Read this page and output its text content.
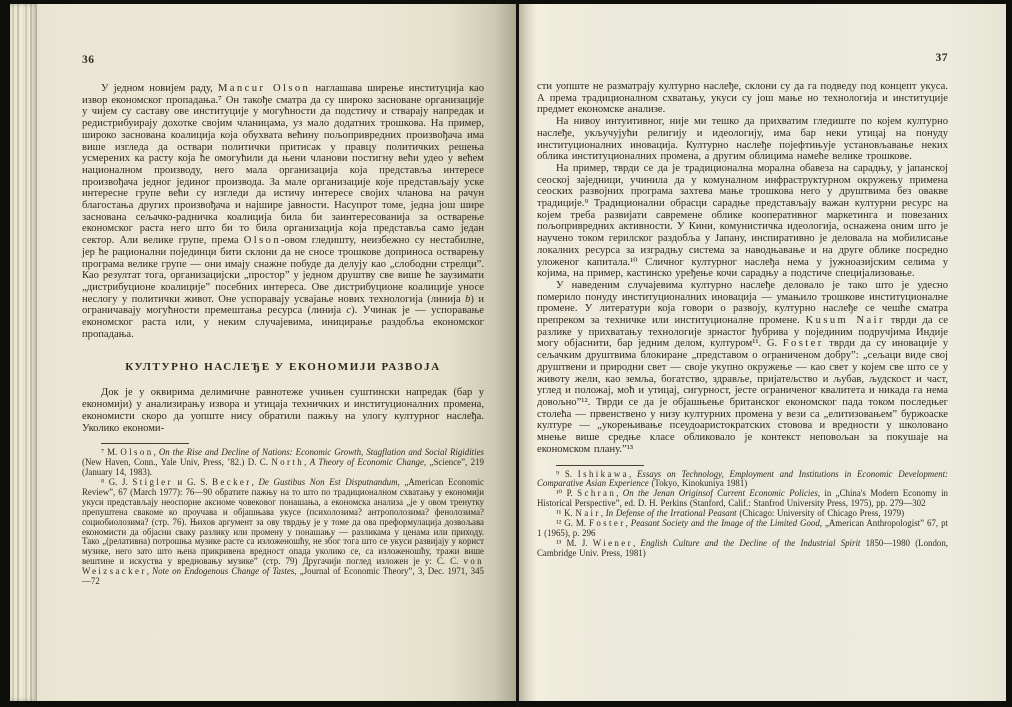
36

У једном новијем раду, Mancur Olson наглашава ширење институција као извор економског пропадања.⁷ Он такође сматра да су широко засноване организације у чијем су саставу ове институције у могућности да подстичу и стварају напредак и редистрибуирају дохотке својим чланицама, уз мало додатних трошкова. На пример, широко заснована коалиција која обухвата већину пољопривредних произвођача има више изгледа да оствари политички притисак у правцу политичких решења усмерених ка расту која ће омогућили да њени чланови постигну већи удео у већем националном производу, него мала организација која представља интересе произвођача једног јединог производа. За мале организације које представљају уске интересне групе већи су изгледи да истичу интересе својих чланова на рачун благостања других произвођача и најшире јавности. Насупрот томе, једна још шире заснована сељачко-радничка коалиција била би заинтересованија за остварење економског раста него што би то била организација која представља само један сектор. Али велике групе, према Olson-овом гледишту, неизбежно су нестабилне, јер ће рационални појединци бити склони да не сносе трошкове доприноса остварењу програма велике групе — они имају снажне побуде да делују као „слободни стрелци”. Као резултат тога, организацијски „простор” у једном друштву све више ће заузимати „дистрибуционе коалиције” посебних интереса. Ове дистрибуционе коалиције уносе неслогу у политички живот. Оне успоравају усвајање нових технологија (линија b) и ограничавају могућности премештања ресурса (линија c). Учинак је — успоравање економског раста или, у неким случајевима, иницирање раздобља економског пропадања.

КУЛТУРНО НАСЛЕЂЕ У ЕКОНОМИЈИ РАЗВОЈА

Док је у оквирима делимичне равнотеже учињен суштински напредак (бар у економији) у анализирању извора и утицаја техничких и институционалних промена, економисти скоро да уопште нису обратили пажњу на улогу културног наслеђа. Уколико економи-

⁷ M. Olson, On the Rise and Decline of Nations: Economic Growth, Stagflation and Social Rigidities (New Haven, Conn., Yale Univ, Press, ’82.) D. C. North, A Theory of Economic Change, „Science”, 219 (January 14, 1983).

⁸ G. J. Stigler и G. S. Becker, De Gustibus Non Est Disputnandum, „American Economic Review”, 67 (March 1977): 76—90 обратите пажњу на то што по традиционалном схватању у економији укуси представљају неоспорне аксиоме човековог понашања, а економска анализа „је у овом тренутку препуштена свакоме ко проучава и објашњава укусе (психолозима? антрополозима? фенолозима? социобиолозима? (стр. 76). Њихов аргумент за ову тврдњу је у томе да ова преформулација дозвољава економисти да објасни сваку разлику или промену у понашању — разликама у ценама или приходу. Тако „(релативна) потрошња музике расте са изложеношћу, не због тога што се укуси развијају у корист музике, него зато што њена прикривена вредност опада уколико се, са изложеношћу, тражи више вештине и искуства у вредновању музике” (стр. 79) Другачији поглед изложен је у: C. C. von Weizsacker, Note on Endogenous Change of Tastes, „Journal of Economic Theory”, 3, Dec. 1971, 345—72

37

сти уопште не разматрају културно наслеђе, склони су да га подведу под концепт укуса. А према традиционалном схватању, укуси су још мање но технологија и институције предмет економске анализе.

На нивоу интуитивног, није ми тешко да прихватим гледиште по којем културно наслеђе, укључујући религију и идеологију, има бар неки утицај на понуду институционалних иновација. Културно наслеђе појефтињује установљавање неких облика институционалних промена, а другим облицима намеће велике трошкове.

На пример, тврди се да је традиционална морална обавеза на сарадњу, у јапанској сеоској заједници, учинила да у комуналном инфраструктурном окружењу примена сеоских развојних програма захтева мање трошкова него у друштвима без овакве традиције.⁹ Традиционални обрасци сарадње представљају важан културни ресурс на којем треба развијати савремене облике кооперативног маркетинга и повезаних пољопривредних активности. У Кини, комунистичка идеологија, оснажена оним што је научено током герилског раздобља у Јапану, инспиративно је деловала на мобилисање локалних ресурса за изградњу система за наводњавање и на друге облике посредно уложеног капитала.¹⁰ Сличног културног наслеђа нема у јужноазијским селима у којима, на пример, кастинско уређење кочи сарадњу а подстиче специјализовање.

У наведеним случајевима културно наслеђе деловало је тако што је удесно померило понуду институционалних иновација — умањило трошкове институционалне промене. У литератури која говори о развоју, културно наслеђе се чешће сматра препреком за техничке или институционалне промене. Kusum Nair тврди да се разлике у прихватању технологије зрнастог ђубрива у појединим подручјима Индије могу објаснити, бар једним делом, културом¹¹. G. Foster тврди да су иновације у сељачким друштвима блокиране „представом о ограниченом добру”: „сељаци виде свој друштвени и природни свет — своје укупно окружење — као свет у којем све што се у животу жели, као земља, богатство, здравље, пријатељство и љубав, људскост и част, углед и положај, моћ и утицај, сигурност, јесте ограниченог квалитета и никада га нема довољно”¹². Тврди се да је објашњење британског економског пада током последњег столећа — првенствено у низу културних промена у вези са „елитизовањем” буржоаске културе — „укорењивање псеудоаристократских стовова и вредности у школовано мнење више средње класе обликовало је контекст неповољан за покушаје на економском плану.”¹³

⁹ S. Ishikawa, Essays on Technology, Employment and Institutions in Economic Development: Comparative Asian Experience (Tokyo, Kinokuniya 1981)

¹⁰ P. Schran, On the Jenan Originsof Current Economic Policies, in „China's Modern Economy in Historical Perspective”, ed. D. H. Perkins (Stanford, Calif.: Stanfrod University Press, 1975), pp. 279—302

¹¹ K. Nair, In Defense of the Irrational Peasant (Chicago: University of Chicago Press, 1979)

¹² G. M. Foster, Peasant Society and the Image of the Limited Good, „American Anthropologist” 67, pt 1 (1965), p. 296

¹³ M. J. Wiener, English Culture and the Decline of the Industrial Spirit 1850—1980 (London, Cambridge Univ. Press, 1981)
